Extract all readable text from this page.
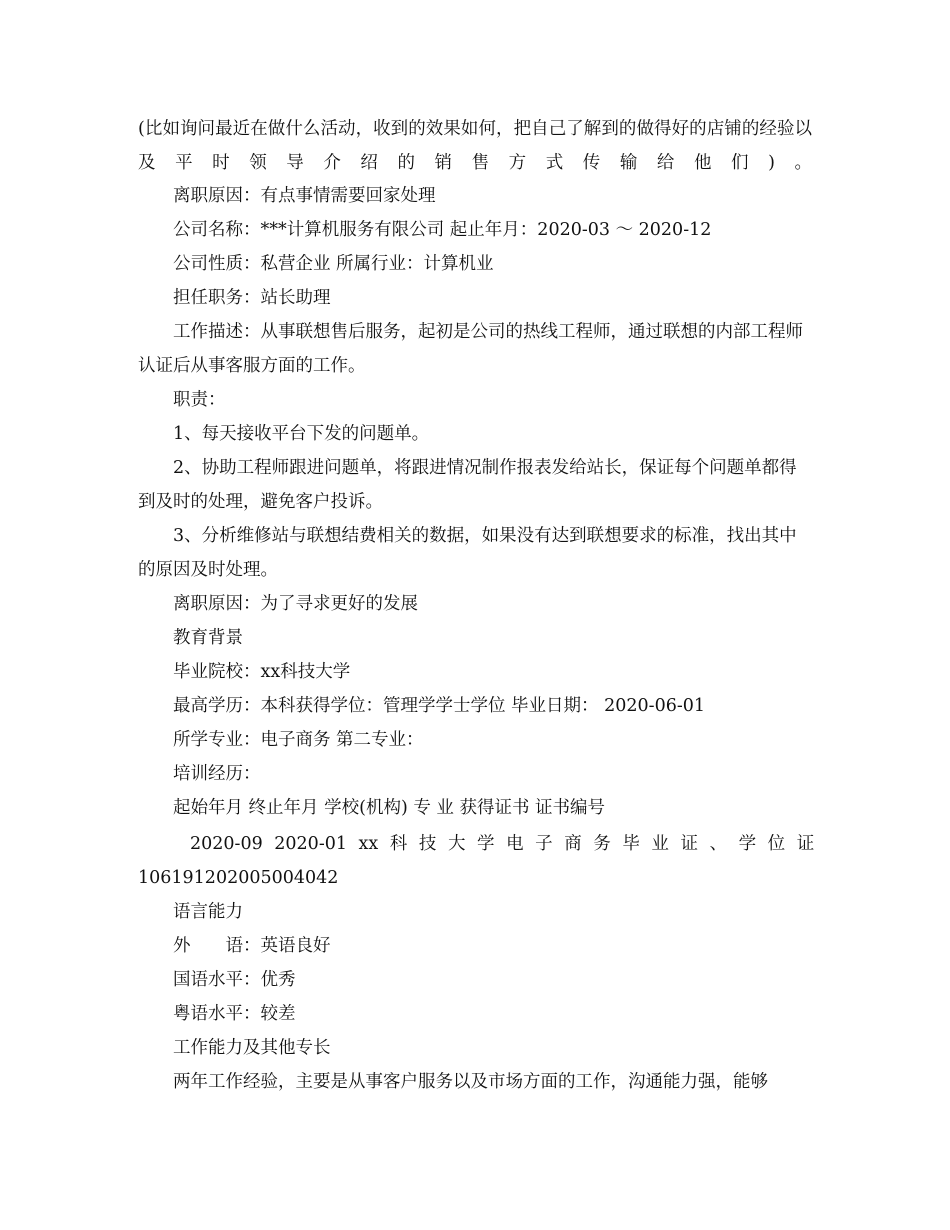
(比如询问最近在做什么活动，收到的效果如何，把自己了解到的做得好的店铺的经验以及平时领导介绍的销售方式传输给他们)。

离职原因：有点事情需要回家处理

公司名称：***计算机服务有限公司 起止年月：2020-03 ～ 2020-12

公司性质：私营企业 所属行业：计算机业

担任职务：站长助理

工作描述：从事联想售后服务，起初是公司的热线工程师，通过联想的内部工程师认证后从事客服方面的工作。

职责：

1、每天接收平台下发的问题单。

2、协助工程师跟进问题单，将跟进情况制作报表发给站长，保证每个问题单都得到及时的处理，避免客户投诉。

3、分析维修站与联想结费相关的数据，如果没有达到联想要求的标准，找出其中的原因及时处理。

离职原因：为了寻求更好的发展

教育背景

毕业院校：xx科技大学

最高学历：本科获得学位：管理学学士学位 毕业日期： 2020-06-01

所学专业：电子商务 第二专业：

培训经历：

起始年月 终止年月 学校(机构) 专 业 获得证书 证书编号

2020-09 2020-01 xx 科 技 大 学 电 子 商 务 毕 业 证 、 学 位 证

106191202005004042

语言能力

外　　语：英语良好

国语水平：优秀

粤语水平：较差

工作能力及其他专长

两年工作经验，主要是从事客户服务以及市场方面的工作，沟通能力强，能够
